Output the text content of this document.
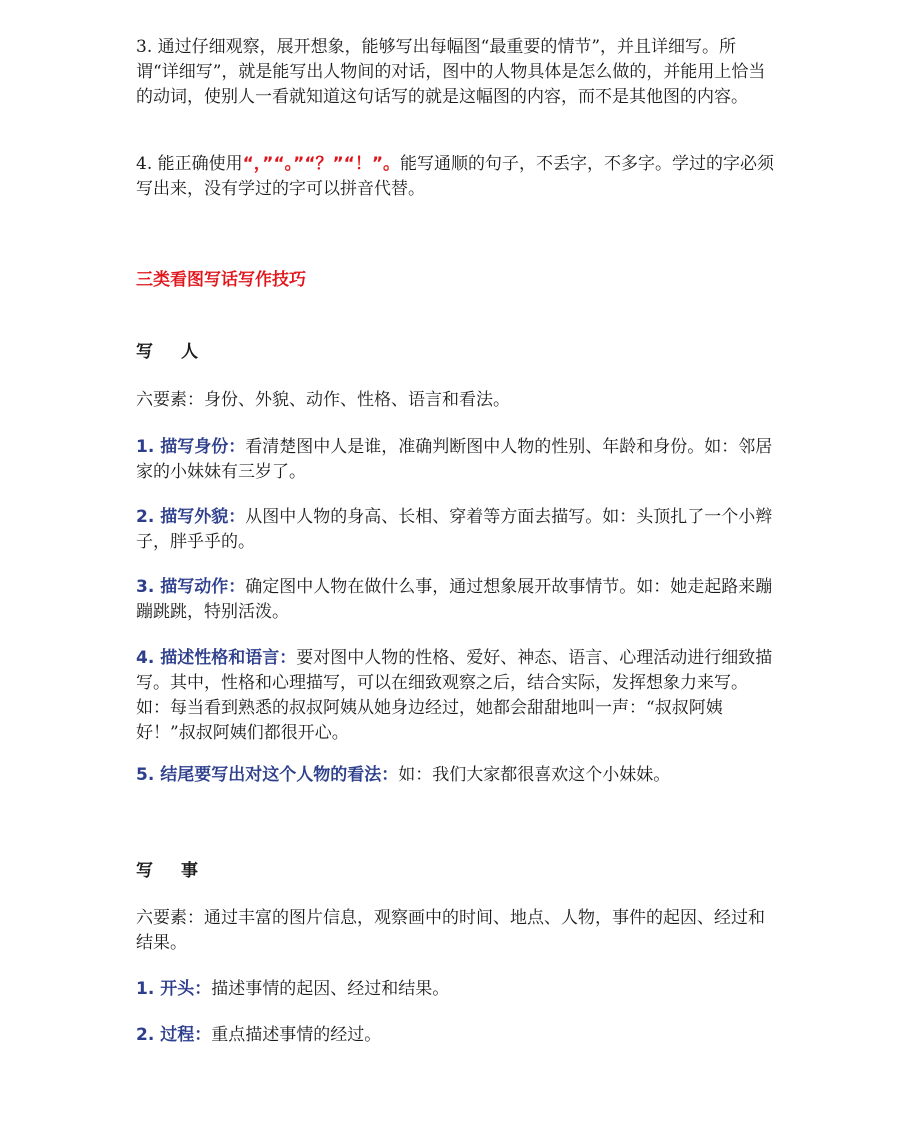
3. 通过仔细观察，展开想象，能够写出每幅图“最重要的情节”，并且详细写。所谓“详细写”，就是能写出人物间的对话，图中的人物具体是怎么做的，并能用上恰当的动词，使别人一看就知道这句话写的就是这幅图的内容，而不是其他图的内容。
4. 能正确使用“，”“。”“？”“！”。能写通顺的句子，不丢字，不多字。学过的字必须写出来，没有学过的字可以拼音代替。
三类看图写话写作技巧
写 人
六要素：身份、外貌、动作、性格、语言和看法。
1. 描写身份：看清楚图中人是谁，准确判断图中人物的性别、年龄和身份。如：邻居家的小妹妹有三岁了。
2. 描写外貌：从图中人物的身高、长相、穿着等方面去描写。如：头顶扎了一个小辫子，胖乎乎的。
3. 描写动作：确定图中人物在做什么事，通过想象展开故事情节。如：她走起路来蹦蹦跳跳，特别活泼。
4. 描述性格和语言：要对图中人物的性格、爱好、神态、语言、心理活动进行细致描写。其中，性格和心理描写，可以在细致观察之后，结合实际，发挥想象力来写。如：每当看到熟悉的叔叔阿姨从她身边经过，她都会甜甜地叫一声：“叔叔阿姨好！”叔叔阿姨们都很开心。
5. 结尾要写出对这个人物的看法：如：我们大家都很喜欢这个小妹妹。
写 事
六要素：通过丰富的图片信息，观察画中的时间、地点、人物，事件的起因、经过和结果。
1. 开头：描述事情的起因、经过和结果。
2. 过程：重点描述事情的经过。
